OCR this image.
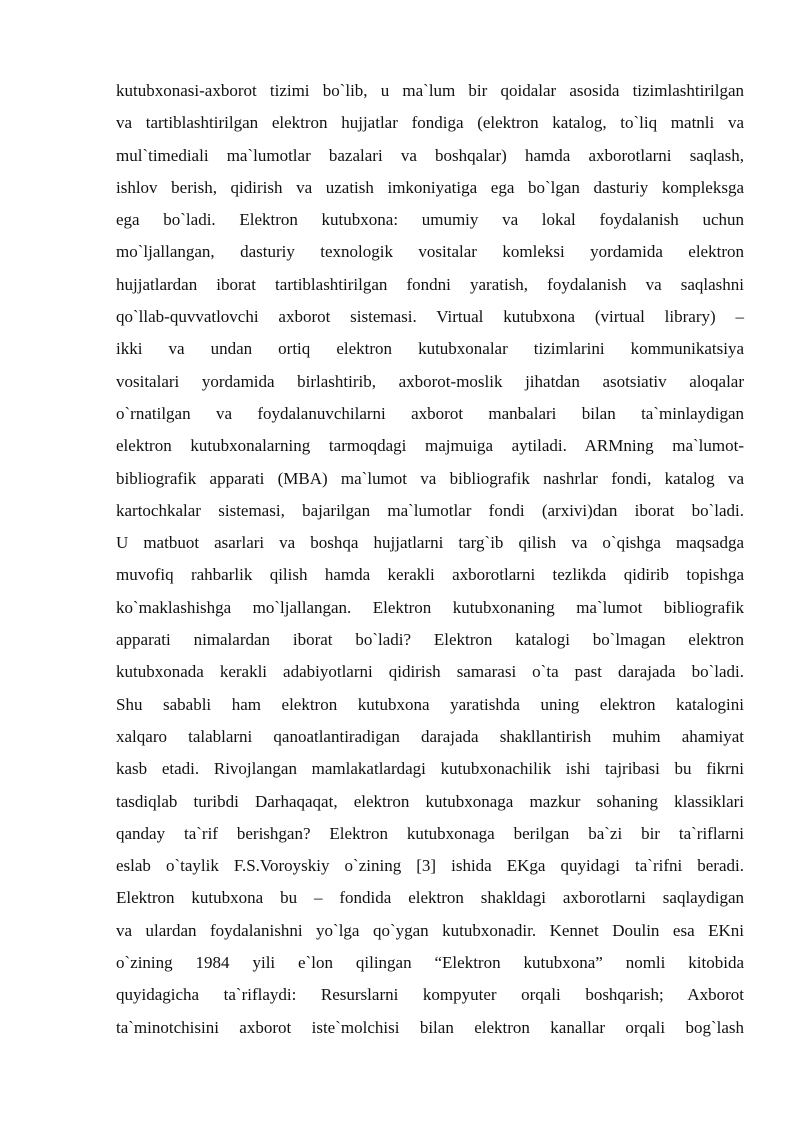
kutubxonasi-axborot tizimi bo`lib, u ma`lum bir qoidalar asosida tizimlashtirilgan
va tartiblashtirilgan elektron hujjatlar fondiga (elektron katalog, to`liq matnli va
mul`timediali ma`lumotlar bazalari va boshqalar) hamda axborotlarni saqlash,
ishlov berish, qidirish va uzatish imkoniyatiga ega bo`lgan dasturiy kompleksga
ega bo`ladi. Elektron kutubxona: umumiy va lokal foydalanish uchun
mo`ljallangan, dasturiy texnologik vositalar komleksi yordamida elektron
hujjatlardan iborat tartiblashtirilgan fondni yaratish, foydalanish va saqlashni
qo`llab-quvvatlovchi axborot sistemasi. Virtual kutubxona (virtual library) –
ikki va undan ortiq elektron kutubxonalar tizimlarini kommunikatsiya
vositalari yordamida birlashtirib, axborot-moslik jihatdan asotsiativ aloqalar
o`rnatilgan va foydalanuvchilarni axborot manbalari bilan ta`minlaydigan
elektron kutubxonalarning tarmoqdagi majmuiga aytiladi. ARMning ma`lumot-
bibliografik apparati (MBA) ma`lumot va bibliografik nashrlar fondi, katalog va
kartochkalar sistemasi, bajarilgan ma`lumotlar fondi (arxivi)dan iborat bo`ladi.
U matbuot asarlari va boshqa hujjatlarni targ`ib qilish va o`qishga maqsadga
muvofiq rahbarlik qilish hamda kerakli axborotlarni tezlikda qidirib topishga
ko`maklashishga mo`ljallangan. Elektron kutubxonaning ma`lumot bibliografik
apparati nimalardan iborat bo`ladi? Elektron katalogi bo`lmagan elektron
kutubxonada kerakli adabiyotlarni qidirish samarasi o`ta past darajada bo`ladi.
Shu sababli ham elektron kutubxona yaratishda uning elektron katalogini
xalqaro talablarni qanoatlantiradigan darajada shakllantirish muhim ahamiyat
kasb etadi. Rivojlangan mamlakatlardagi kutubxonachilik ishi tajribasi bu fikrni
tasdiqlab turibdi Darhaqaqat, elektron kutubxonaga mazkur sohaning klassiklari
qanday ta`rif berishgan? Elektron kutubxonaga berilgan ba`zi bir ta`riflarni
eslab o`taylik F.S.Voroyskiy o`zining [3] ishida EKga quyidagi ta`rifni beradi.
Elektron kutubxona bu – fondida elektron shakldagi axborotlarni saqlaydigan
va ulardan foydalanishni yo`lga qo`ygan kutubxonadir. Kennet Doulin esa EKni
o`zining 1984 yili e`lon qilingan “Elektron kutubxona” nomli kitobida
quyidagicha ta`riflaydi: Resurslarni kompyuter orqali boshqarish; Axborot
ta`minotchisini axborot iste`molchisi bilan elektron kanallar orqali bog`lash
